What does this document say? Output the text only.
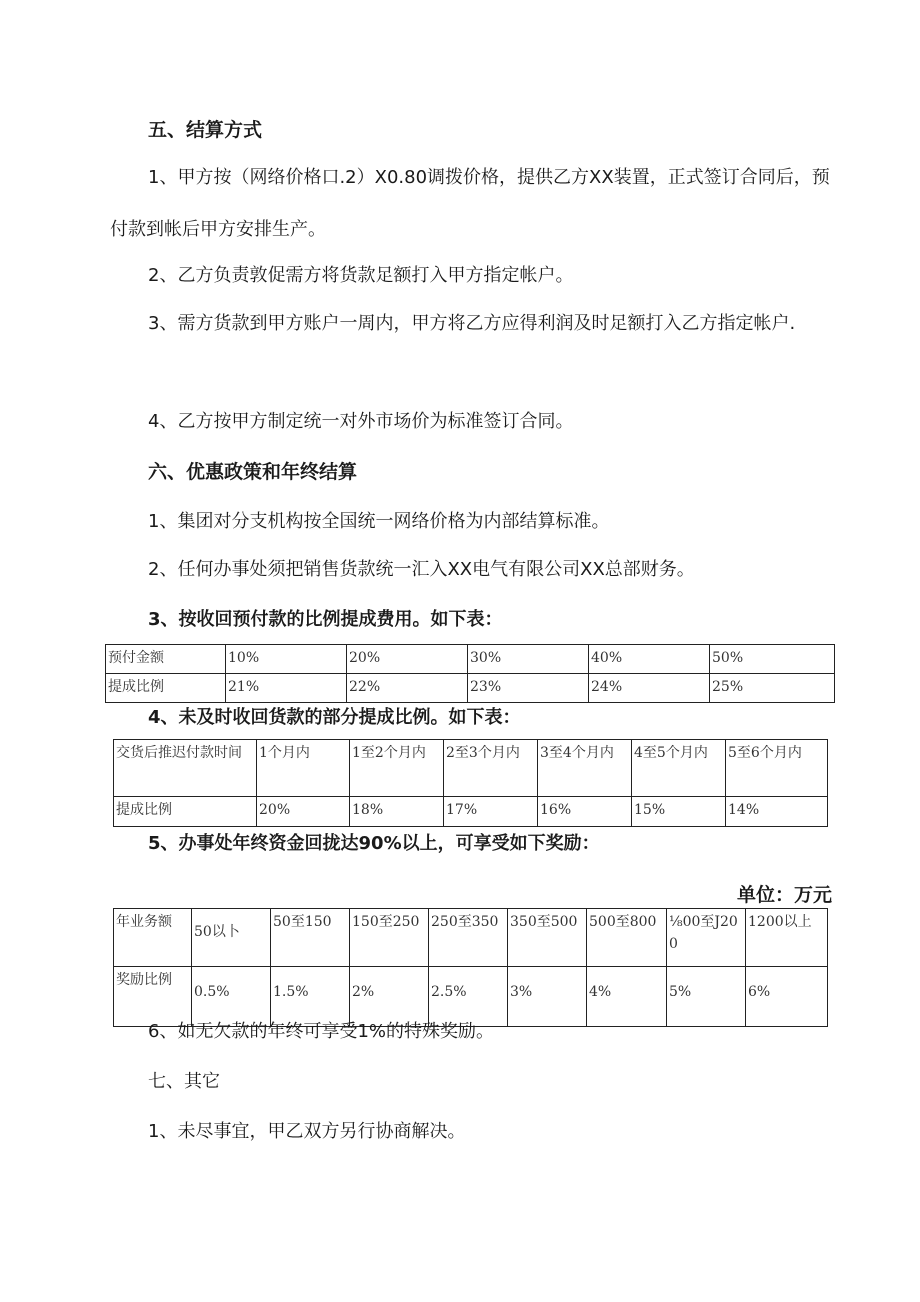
五、结算方式
1、甲方按（网络价格口.2）X0.80调拨价格，提供乙方XX装置，正式签订合同后，预付款到帐后甲方安排生产。
2、乙方负责敦促需方将货款足额打入甲方指定帐户。
3、需方货款到甲方账户一周内，甲方将乙方应得利润及时足额打入乙方指定帐户.
4、乙方按甲方制定统一对外市场价为标准签订合同。
六、优惠政策和年终结算
1、集团对分支机构按全国统一网络价格为内部结算标准。
2、任何办事处须把销售货款统一汇入XX电气有限公司XX总部财务。
3、按收回预付款的比例提成费用。如下表：
预付金额	10%	20%	30%	40%	50%
提成比例	21%	22%	23%	24%	25%
4、未及时收回货款的部分提成比例。如下表：
交货后推迟付款时间	1个月内	1至2个月内	2至3个月内	3至4个月内	4至5个月内	5至6个月内
提成比例	20%	18%	17%	16%	15%	14%
5、办事处年终资金回拢达90%以上，可享受如下奖励：
单位：万元
年业务额	50以卜	50至150	150至250	250至350	350至500	500至800	⅛00至J200	1200以上
奖励比例	0.5%	1.5%	2%	2.5%	3%	4%	5%	6%
6、如无欠款的年终可享受1%的特殊奖励。
七、其它
1、未尽事宜，甲乙双方另行协商解决。
